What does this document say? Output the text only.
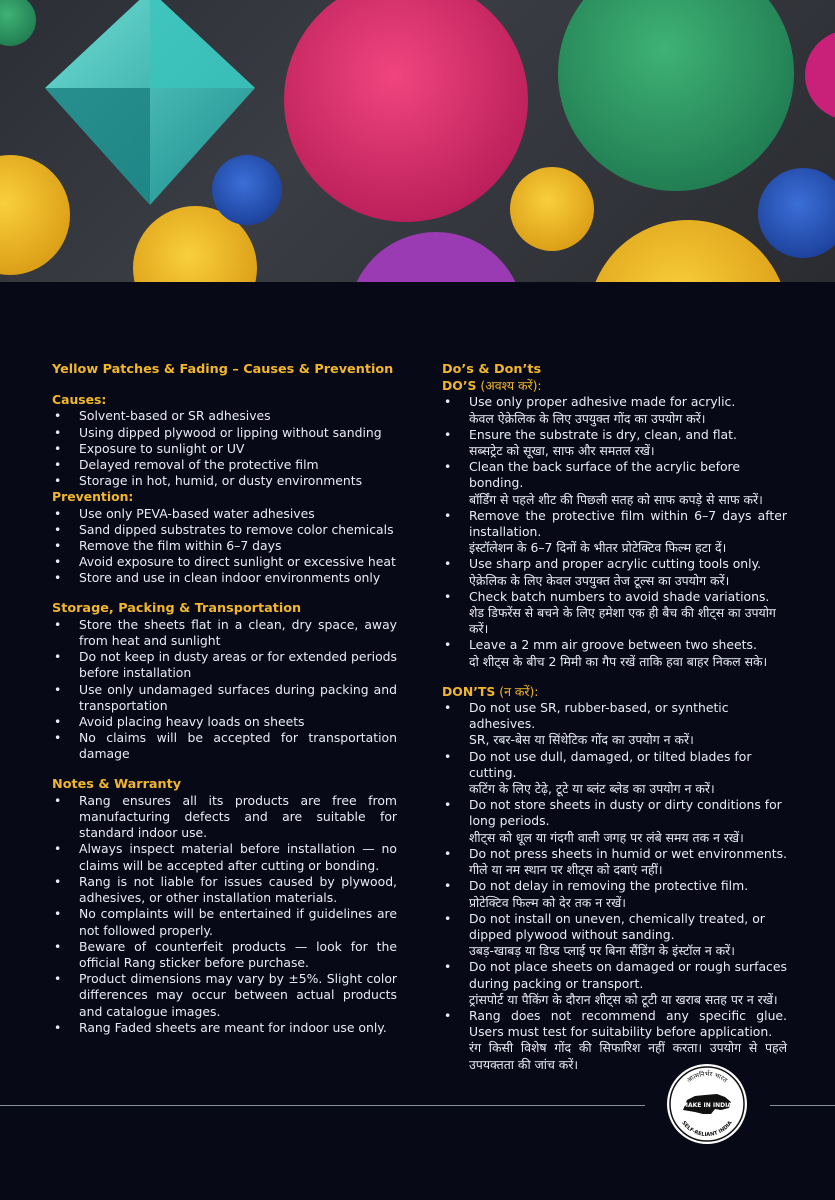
Yellow Patches & Fading – Causes & Prevention
Causes:
• Solvent-based or SR adhesives
• Using dipped plywood or lipping without sanding
• Exposure to sunlight or UV
• Delayed removal of the protective film
• Storage in hot, humid, or dusty environments
Prevention:
• Use only PEVA-based water adhesives
• Sand dipped substrates to remove color chemicals
• Remove the film within 6–7 days
• Avoid exposure to direct sunlight or excessive heat
• Store and use in clean indoor environments only
Storage, Packing & Transportation
• Store the sheets flat in a clean, dry space, away from heat and sunlight
• Do not keep in dusty areas or for extended periods before installation
• Use only undamaged surfaces during packing and transportation
• Avoid placing heavy loads on sheets
• No claims will be accepted for transportation damage
Notes & Warranty
• Rang ensures all its products are free from manufacturing defects and are suitable for standard indoor use.
• Always inspect material before installation — no claims will be accepted after cutting or bonding.
• Rang is not liable for issues caused by plywood, adhesives, or other installation materials.
• No complaints will be entertained if guidelines are not followed properly.
• Beware of counterfeit products — look for the official Rang sticker before purchase.
• Product dimensions may vary by ±5%. Slight color differences may occur between actual products and catalogue images.
• Rang Faded sheets are meant for indoor use only.
Do’s & Don’ts
DO’S (अवश्य करें):
• Use only proper adhesive made for acrylic.
केवल ऐक्रेलिक के लिए उपयुक्त गोंद का उपयोग करें।
• Ensure the substrate is dry, clean, and flat.
सब्सट्रेट को सूखा, साफ और समतल रखें।
• Clean the back surface of the acrylic before bonding.
बॉर्डिंग से पहले शीट की पिछली सतह को साफ कपड़े से साफ करें।
• Remove the protective film within 6–7 days after installation.
इंस्टॉलेशन के 6–7 दिनों के भीतर प्रोटेक्टिव फिल्म हटा दें।
• Use sharp and proper acrylic cutting tools only.
ऐक्रेलिक के लिए केवल उपयुक्त तेज टूल्स का उपयोग करें।
• Check batch numbers to avoid shade variations.
शेड डिफरेंस से बचने के लिए हमेशा एक ही बैच की शीट्स का उपयोग करें।
• Leave a 2 mm air groove between two sheets.
दो शीट्स के बीच 2 मिमी का गैप रखें ताकि हवा बाहर निकल सके।
DON’TS (न करें):
• Do not use SR, rubber-based, or synthetic adhesives.
SR, रबर-बेस या सिंथेटिक गोंद का उपयोग न करें।
• Do not use dull, damaged, or tilted blades for cutting.
कटिंग के लिए टेढ़े, टूटे या ब्लंट ब्लेड का उपयोग न करें।
• Do not store sheets in dusty or dirty conditions for long periods.
शीट्स को धूल या गंदगी वाली जगह पर लंबे समय तक न रखें।
• Do not press sheets in humid or wet environments.
गीले या नम स्थान पर शीट्स को दबाएं नहीं।
• Do not delay in removing the protective film.
प्रोटेक्टिव फिल्म को देर तक न रखें।
• Do not install on uneven, chemically treated, or dipped plywood without sanding.
उबड़-खाबड़ या डिप्ड प्लाई पर बिना सैंडिंग के इंस्टॉल न करें।
• Do not place sheets on damaged or rough surfaces during packing or transport.
ट्रांसपोर्ट या पैकिंग के दौरान शीट्स को टूटी या खराब सतह पर न रखें।
• Rang does not recommend any specific glue. Users must test for suitability before application.
रंग किसी विशेष गोंद की सिफारिश नहीं करता। उपयोग से पहले उपयक्तता की जांच करें।
आत्मनिर्भर भारत
MAKE IN INDIA
SELF-RELIANT INDIA
